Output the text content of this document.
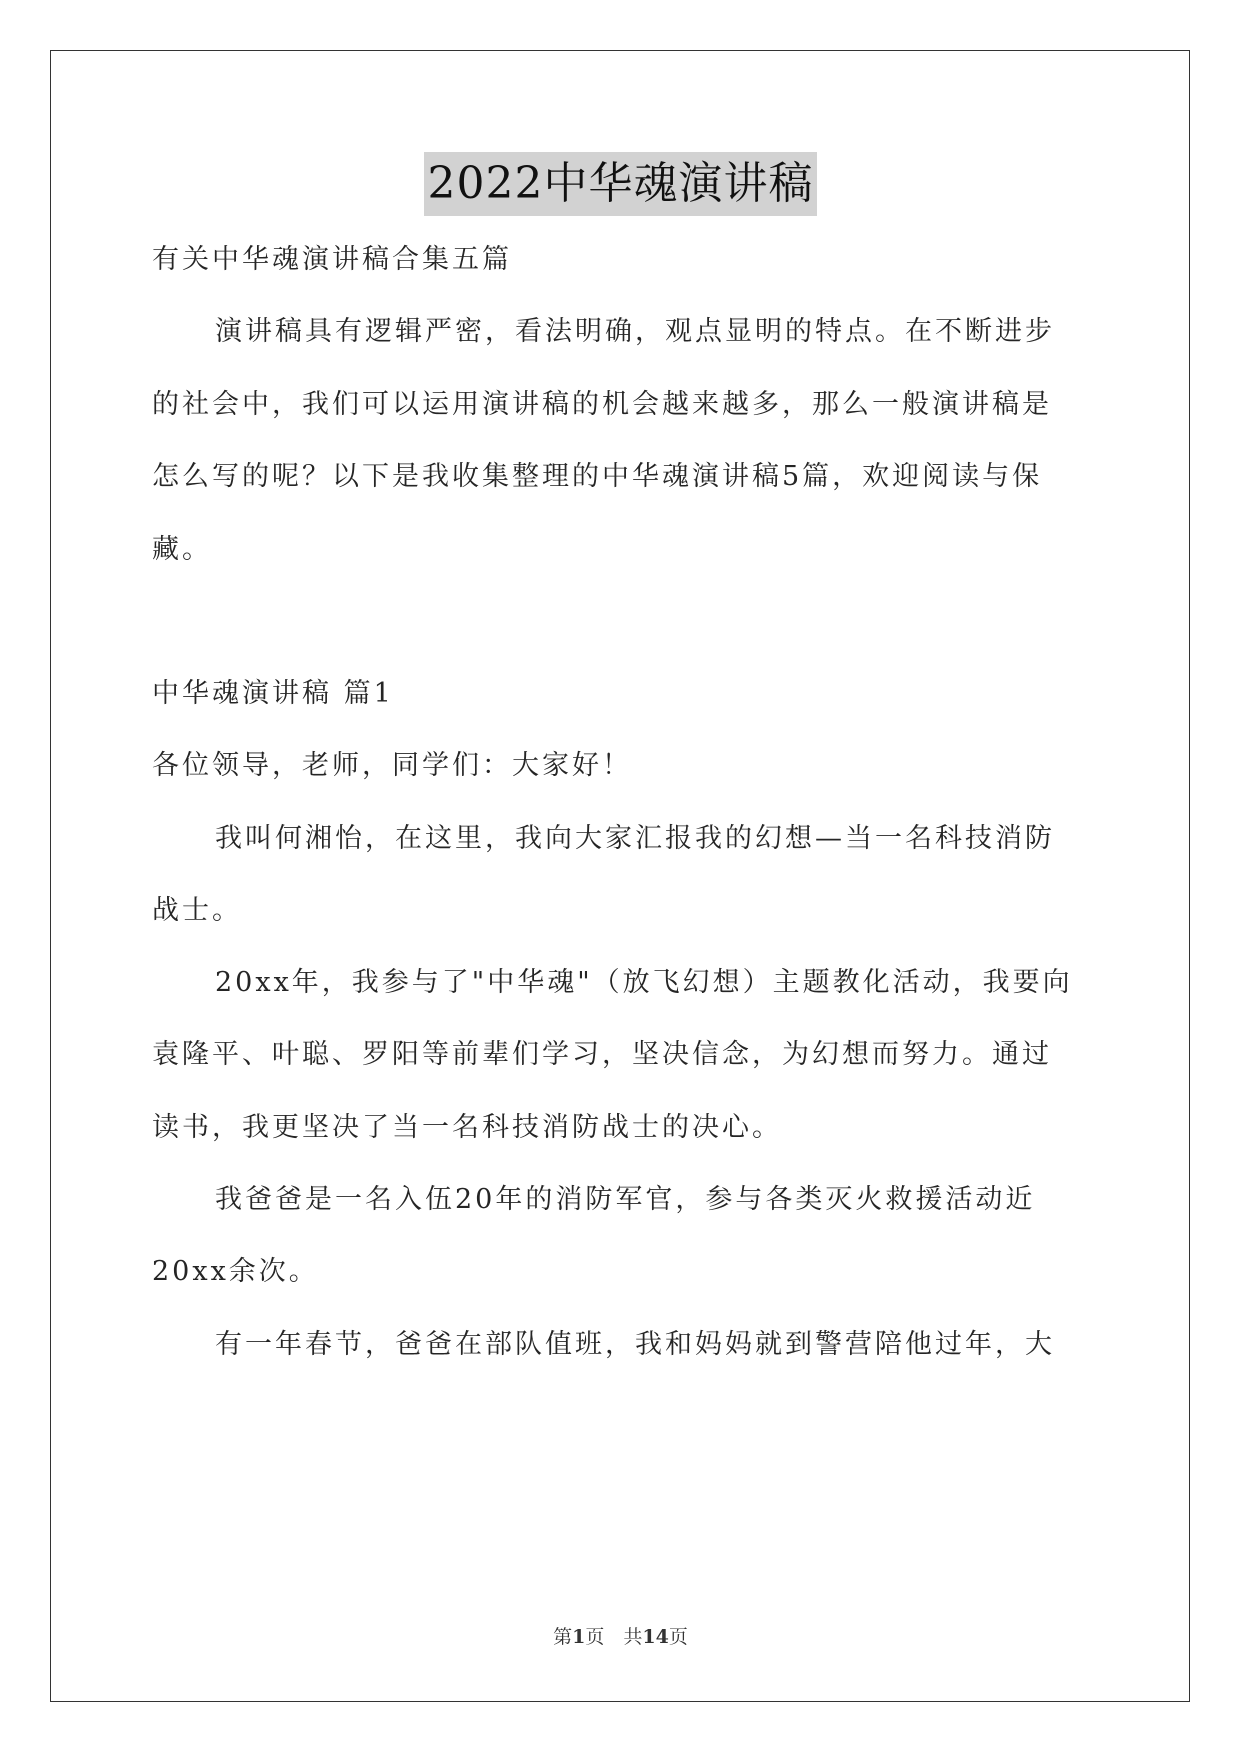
2022中华魂演讲稿
有关中华魂演讲稿合集五篇
演讲稿具有逻辑严密，看法明确，观点显明的特点。在不断进步
的社会中，我们可以运用演讲稿的机会越来越多，那么一般演讲稿是
怎么写的呢？以下是我收集整理的中华魂演讲稿5篇，欢迎阅读与保
藏。
中华魂演讲稿 篇1
各位领导，老师，同学们：大家好！
我叫何湘怡，在这里，我向大家汇报我的幻想—当一名科技消防
战士。
20xx年，我参与了"中华魂"（放飞幻想）主题教化活动，我要向
袁隆平、叶聪、罗阳等前辈们学习，坚决信念，为幻想而努力。通过
读书，我更坚决了当一名科技消防战士的决心。
我爸爸是一名入伍20年的消防军官，参与各类灭火救援活动近
20xx余次。
有一年春节，爸爸在部队值班，我和妈妈就到警营陪他过年，大
第1页　共14页
